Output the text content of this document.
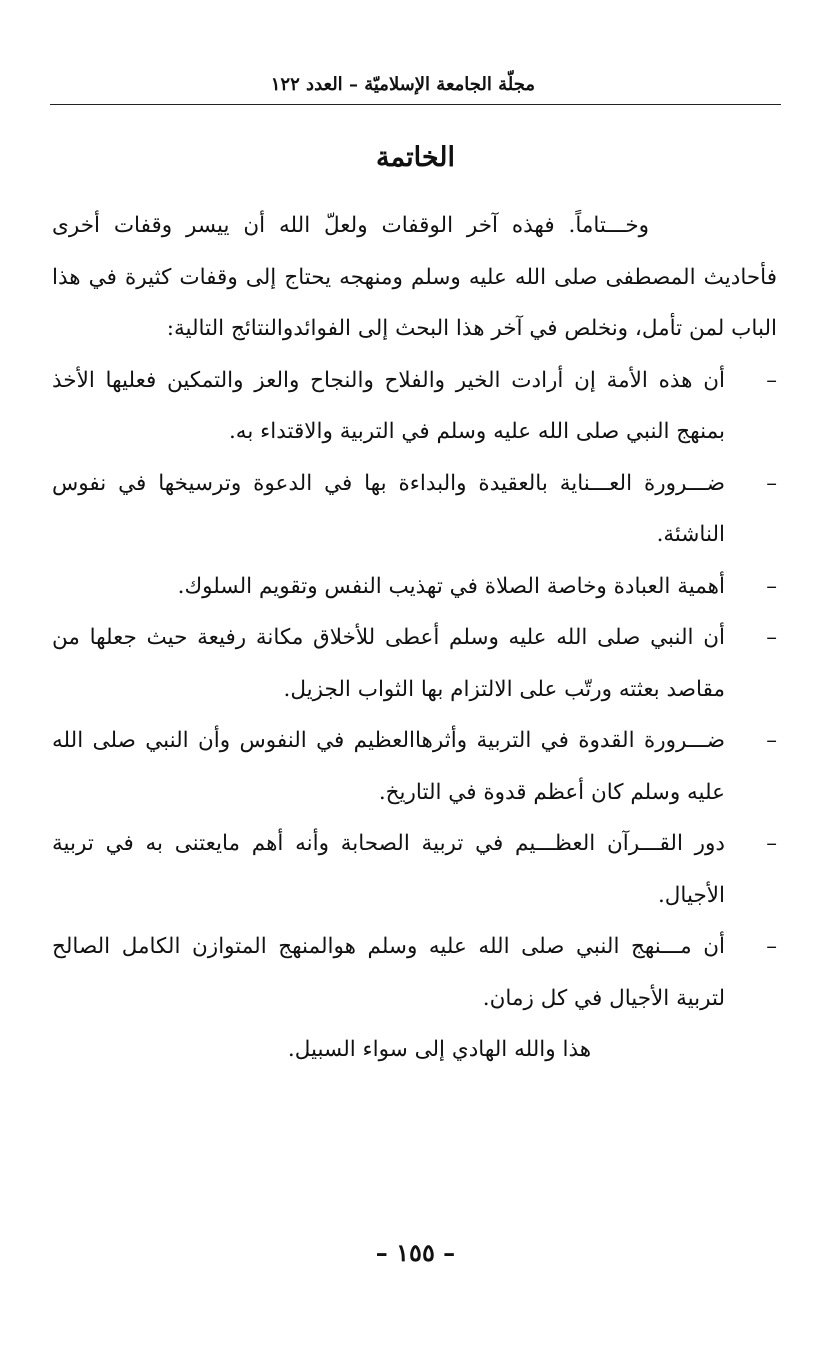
مجلّة الجامعة الإسلاميّة – العدد ١٢٢
الخاتمة

وخـــتاماً. فهذه آخر الوقفات ولعلّ الله أن ييسر وقفات أخرى فأحاديث المصطفى صلى الله عليه وسلم ومنهجه يحتاج إلى وقفات كثيرة في هذا الباب لمن تأمل، ونخلص في آخر هذا البحث إلى الفوائدوالنتائج التالية:

–
أن هذه الأمة إن أرادت الخير والفلاح والنجاح والعز والتمكين فعليها الأخذ بمنهج النبي صلى الله عليه وسلم في التربية والاقتداء به.
–
ضـــرورة العـــناية بالعقيدة والبداءة بها في الدعوة وترسيخها في نفوس الناشئة.
–
أهمية العبادة وخاصة الصلاة في تهذيب النفس وتقويم السلوك.
–
أن النبي صلى الله عليه وسلم أعطى للأخلاق مكانة رفيعة حيث جعلها من مقاصد بعثته ورتّب على الالتزام بها الثواب الجزيل.
–
ضـــرورة القدوة في التربية وأثرهاالعظيم في النفوس وأن النبي صلى الله عليه وسلم كان أعظم قدوة في التاريخ.
–
دور القـــرآن العظـــيم في تربية الصحابة وأنه أهم مايعتنى به في تربية الأجيال.
–
أن مـــنهج النبي صلى الله عليه وسلم هوالمنهج المتوازن الكامل الصالح لتربية الأجيال في كل زمان.

هذا والله الهادي إلى سواء السبيل.

– ١٥٥ –
